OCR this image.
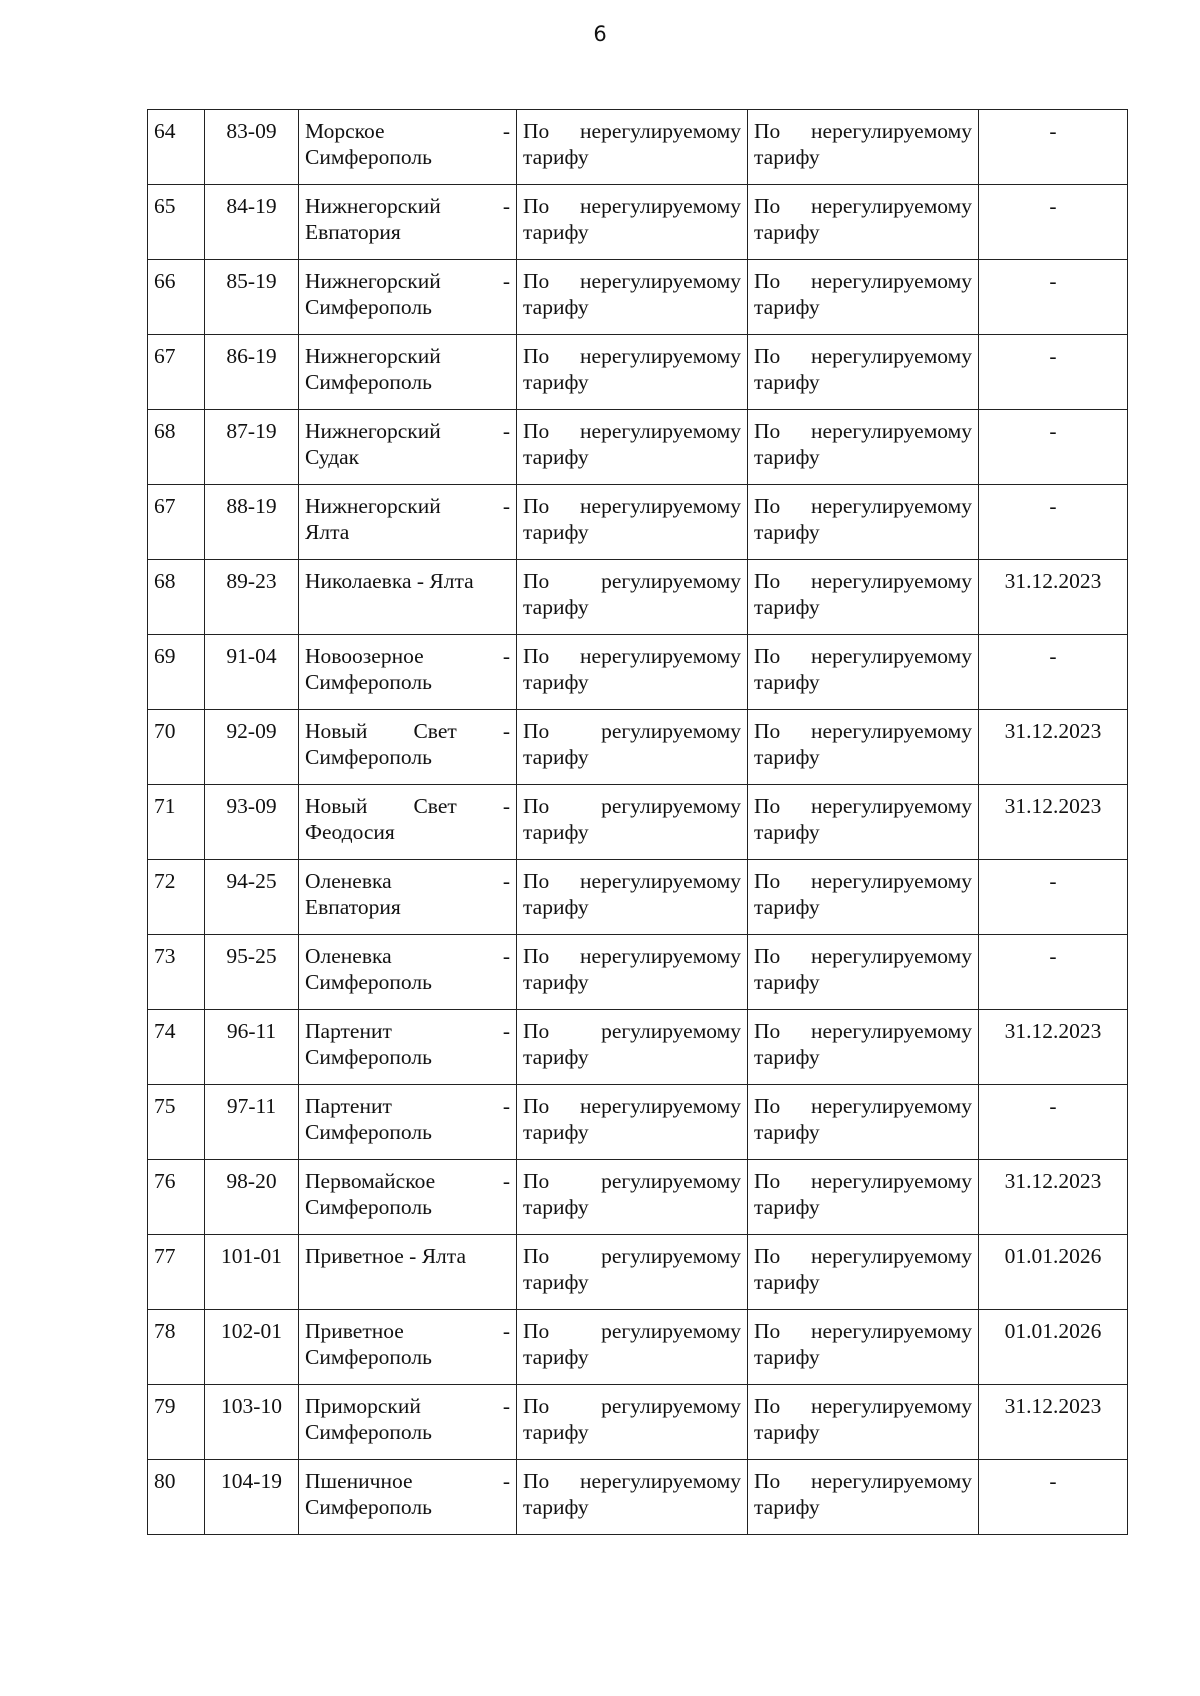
6
64	83-09	Морское -
Симферополь	По нерегулируемому
тарифу	По нерегулируемому
тарифу	-
65	84-19	Нижнегорский -
Евпатория	По нерегулируемому
тарифу	По нерегулируемому
тарифу	-
66	85-19	Нижнегорский -
Симферополь	По нерегулируемому
тарифу	По нерегулируемому
тарифу	-
67	86-19	Нижнегорский
Симферополь	По нерегулируемому
тарифу	По нерегулируемому
тарифу	-
68	87-19	Нижнегорский -
Судак	По нерегулируемому
тарифу	По нерегулируемому
тарифу	-
67	88-19	Нижнегорский -
Ялта	По нерегулируемому
тарифу	По нерегулируемому
тарифу	-
68	89-23	Николаевка - Ялта	По регулируемому
тарифу	По нерегулируемому
тарифу	31.12.2023
69	91-04	Новоозерное -
Симферополь	По нерегулируемому
тарифу	По нерегулируемому
тарифу	-
70	92-09	Новый Свет -
Симферополь	По регулируемому
тарифу	По нерегулируемому
тарифу	31.12.2023
71	93-09	Новый Свет -
Феодосия	По регулируемому
тарифу	По нерегулируемому
тарифу	31.12.2023
72	94-25	Оленевка -
Евпатория	По нерегулируемому
тарифу	По нерегулируемому
тарифу	-
73	95-25	Оленевка -
Симферополь	По нерегулируемому
тарифу	По нерегулируемому
тарифу	-
74	96-11	Партенит -
Симферополь	По регулируемому
тарифу	По нерегулируемому
тарифу	31.12.2023
75	97-11	Партенит -
Симферополь	По нерегулируемому
тарифу	По нерегулируемому
тарифу	-
76	98-20	Первомайское -
Симферополь	По регулируемому
тарифу	По нерегулируемому
тарифу	31.12.2023
77	101-01	Приветное - Ялта	По регулируемому
тарифу	По нерегулируемому
тарифу	01.01.2026
78	102-01	Приветное -
Симферополь	По регулируемому
тарифу	По нерегулируемому
тарифу	01.01.2026
79	103-10	Приморский -
Симферополь	По регулируемому
тарифу	По нерегулируемому
тарифу	31.12.2023
80	104-19	Пшеничное -
Симферополь	По нерегулируемому
тарифу	По нерегулируемому
тарифу	-
